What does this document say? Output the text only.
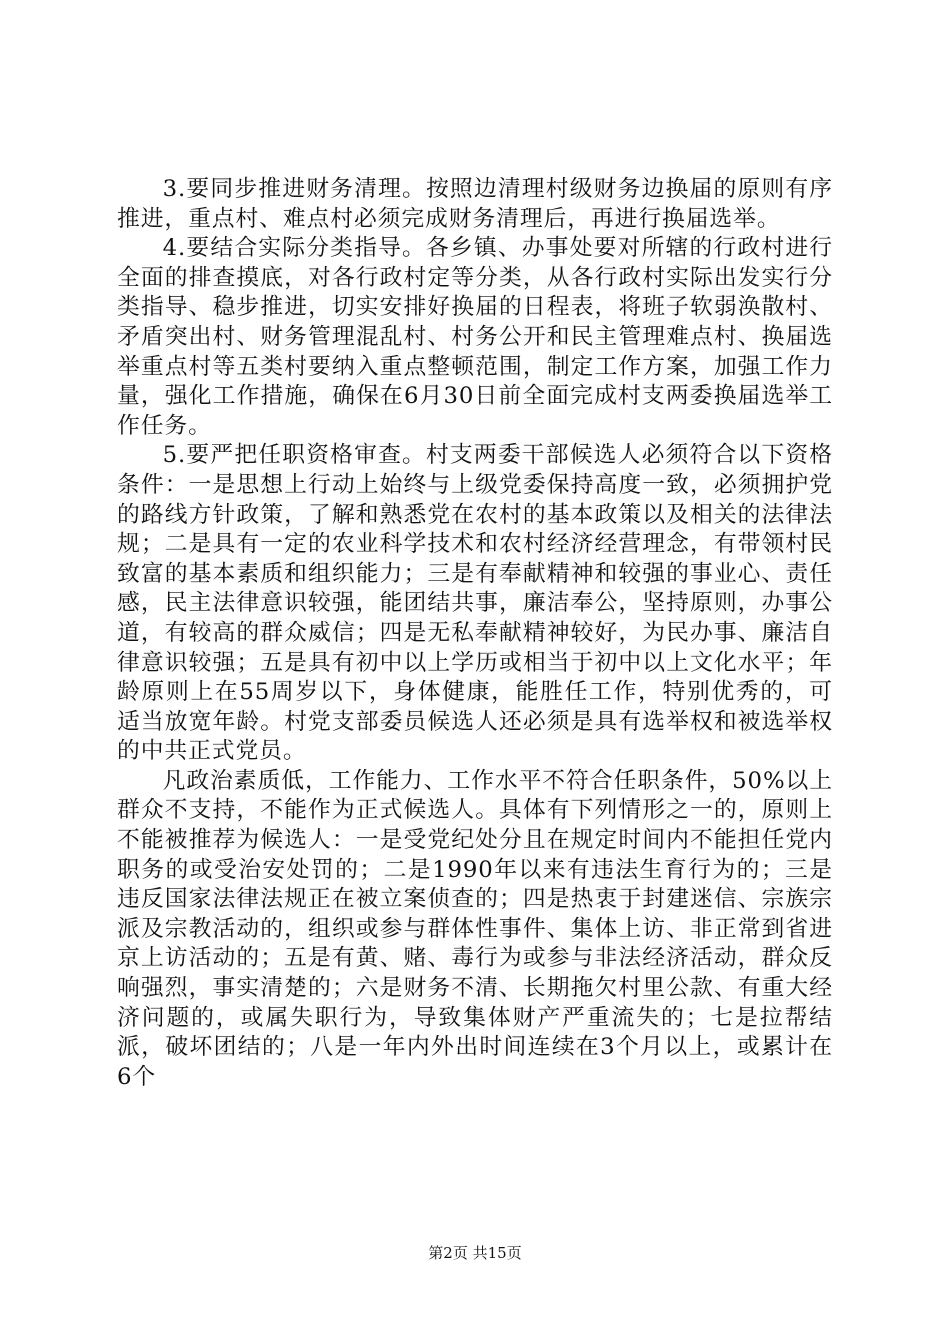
3.要同步推进财务清理。按照边清理村级财务边换届的原则有序推进，重点村、难点村必须完成财务清理后，再进行换届选举。

4.要结合实际分类指导。各乡镇、办事处要对所辖的行政村进行全面的排查摸底，对各行政村定等分类，从各行政村实际出发实行分类指导、稳步推进，切实安排好换届的日程表，将班子软弱涣散村、矛盾突出村、财务管理混乱村、村务公开和民主管理难点村、换届选举重点村等五类村要纳入重点整顿范围，制定工作方案，加强工作力量，强化工作措施，确保在6月30日前全面完成村支两委换届选举工作任务。

5.要严把任职资格审查。村支两委干部候选人必须符合以下资格条件：一是思想上行动上始终与上级党委保持高度一致，必须拥护党的路线方针政策，了解和熟悉党在农村的基本政策以及相关的法律法规；二是具有一定的农业科学技术和农村经济经营理念，有带领村民致富的基本素质和组织能力；三是有奉献精神和较强的事业心、责任感，民主法律意识较强，能团结共事，廉洁奉公，坚持原则，办事公道，有较高的群众威信；四是无私奉献精神较好，为民办事、廉洁自律意识较强；五是具有初中以上学历或相当于初中以上文化水平；年龄原则上在55周岁以下，身体健康，能胜任工作，特别优秀的，可适当放宽年龄。村党支部委员候选人还必须是具有选举权和被选举权的中共正式党员。

凡政治素质低，工作能力、工作水平不符合任职条件，50%以上群众不支持，不能作为正式候选人。具体有下列情形之一的，原则上不能被推荐为候选人：一是受党纪处分且在规定时间内不能担任党内职务的或受治安处罚的；二是1990年以来有违法生育行为的；三是违反国家法律法规正在被立案侦查的；四是热衷于封建迷信、宗族宗派及宗教活动的，组织或参与群体性事件、集体上访、非正常到省进京上访活动的；五是有黄、赌、毒行为或参与非法经济活动，群众反响强烈，事实清楚的；六是财务不清、长期拖欠村里公款、有重大经济问题的，或属失职行为，导致集体财产严重流失的；七是拉帮结派，破坏团结的；八是一年内外出时间连续在3个月以上，或累计在6个

第2页 共15页
